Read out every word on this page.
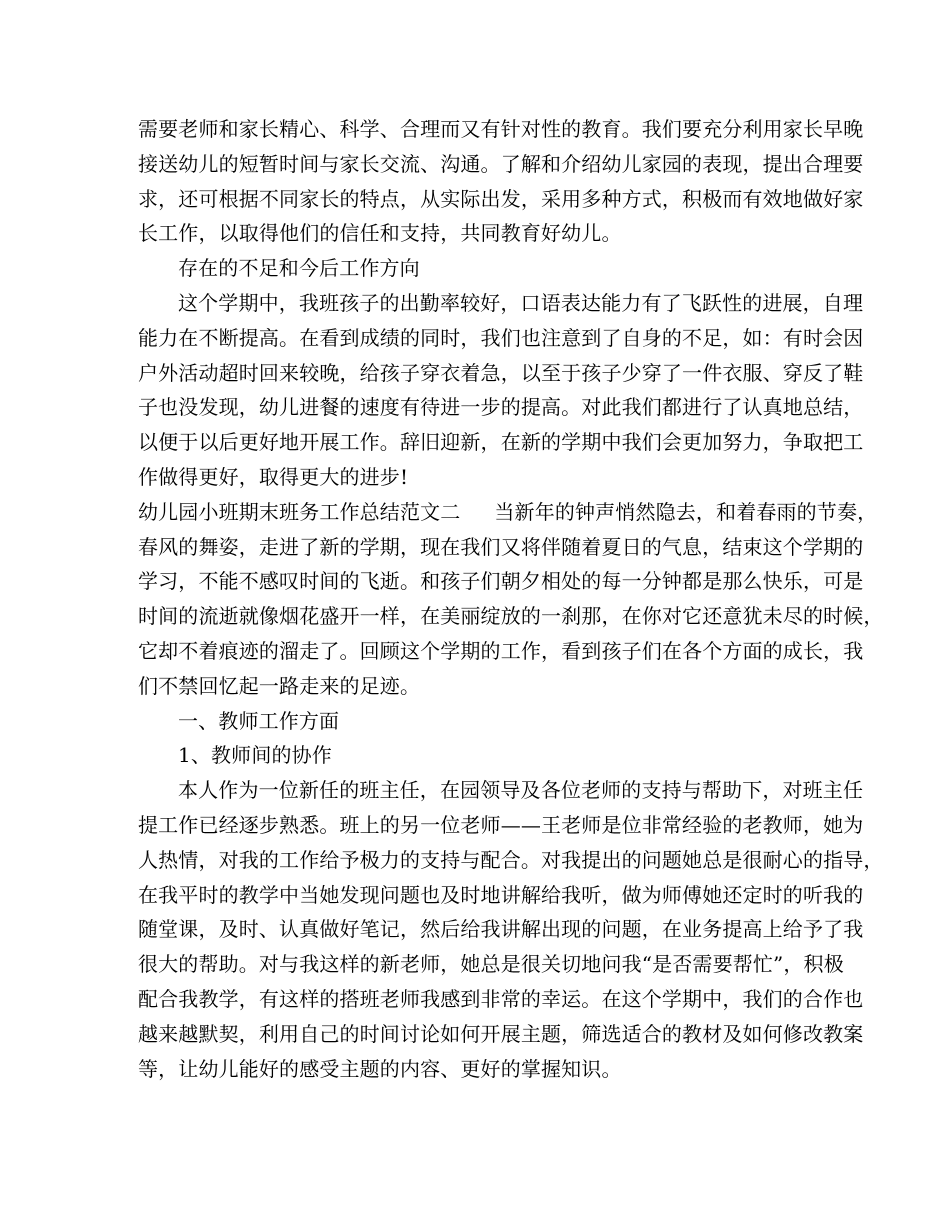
需要老师和家长精心、科学、合理而又有针对性的教育。我们要充分利用家长早晚
接送幼儿的短暂时间与家长交流、沟通。了解和介绍幼儿家园的表现，提出合理要
求，还可根据不同家长的特点，从实际出发，采用多种方式，积极而有效地做好家
长工作，以取得他们的信任和支持，共同教育好幼儿。
存在的不足和今后工作方向
这个学期中，我班孩子的出勤率较好，口语表达能力有了飞跃性的进展，自理
能力在不断提高。在看到成绩的同时，我们也注意到了自身的不足，如：有时会因
户外活动超时回来较晚，给孩子穿衣着急，以至于孩子少穿了一件衣服、穿反了鞋
子也没发现，幼儿进餐的速度有待进一步的提高。对此我们都进行了认真地总结，
以便于以后更好地开展工作。辞旧迎新，在新的学期中我们会更加努力，争取把工
作做得更好，取得更大的进步!
幼儿园小班期末班务工作总结范文二 当新年的钟声悄然隐去，和着春雨的节奏，
春风的舞姿，走进了新的学期，现在我们又将伴随着夏日的气息，结束这个学期的
学习，不能不感叹时间的飞逝。和孩子们朝夕相处的每一分钟都是那么快乐，可是
时间的流逝就像烟花盛开一样，在美丽绽放的一刹那，在你对它还意犹未尽的时候，
它却不着痕迹的溜走了。回顾这个学期的工作，看到孩子们在各个方面的成长，我
们不禁回忆起一路走来的足迹。
一、教师工作方面
1、教师间的协作
本人作为一位新任的班主任，在园领导及各位老师的支持与帮助下，对班主任
提工作已经逐步熟悉。班上的另一位老师——王老师是位非常经验的老教师，她为
人热情，对我的工作给予极力的支持与配合。对我提出的问题她总是很耐心的指导，
在我平时的教学中当她发现问题也及时地讲解给我听，做为师傅她还定时的听我的
随堂课，及时、认真做好笔记，然后给我讲解出现的问题，在业务提高上给予了我
很大的帮助。对与我这样的新老师，她总是很关切地问我“是否需要帮忙”，积极
配合我教学，有这样的搭班老师我感到非常的幸运。在这个学期中，我们的合作也
越来越默契，利用自己的时间讨论如何开展主题，筛选适合的教材及如何修改教案
等，让幼儿能好的感受主题的内容、更好的掌握知识。
